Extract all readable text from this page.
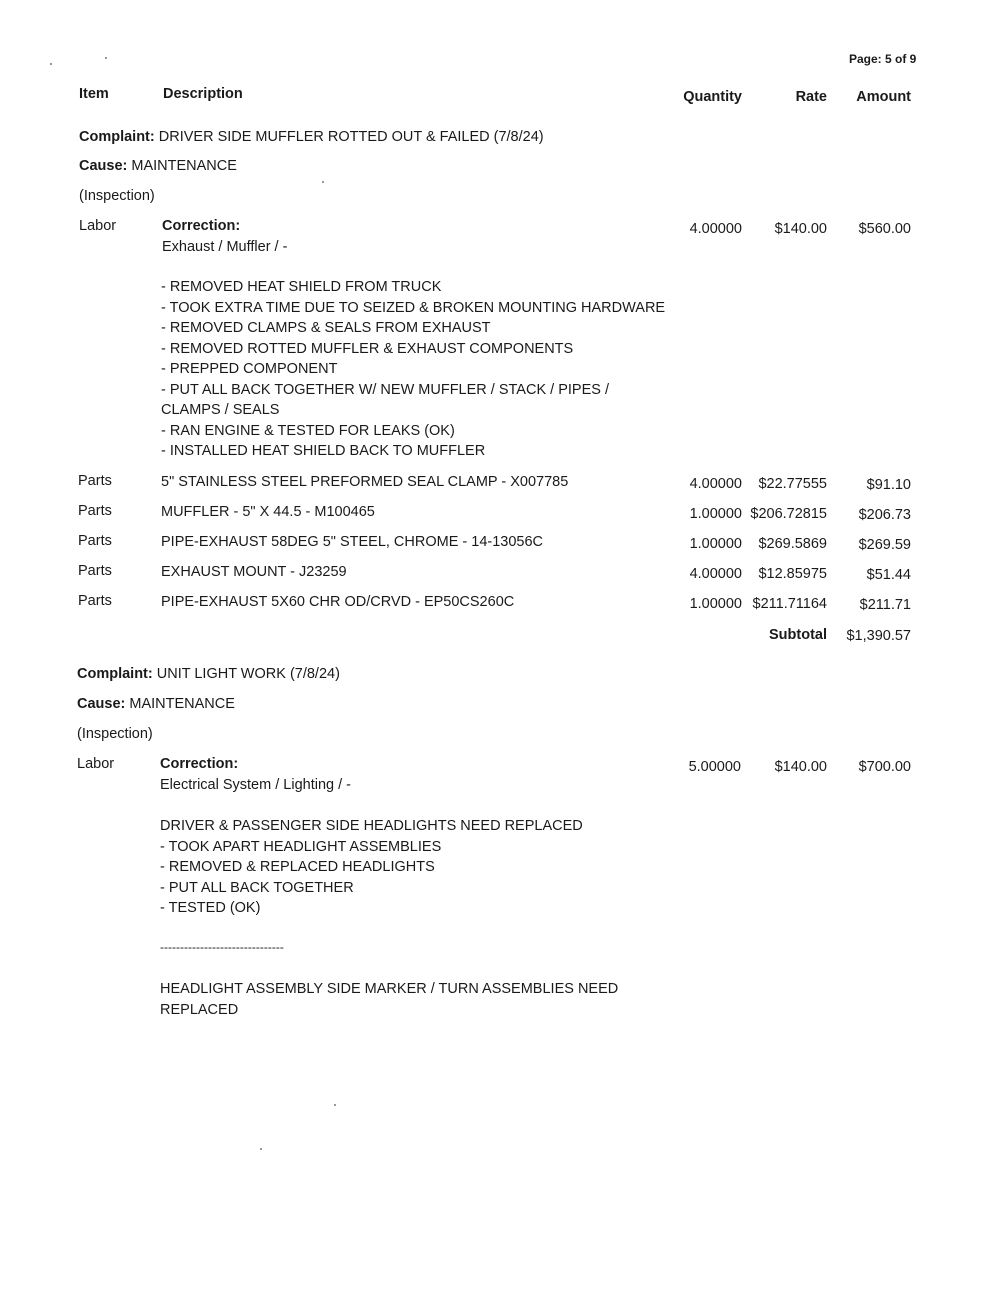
Page: 5 of 9
Item	Description	Quantity	Rate	Amount
Complaint: DRIVER SIDE MUFFLER ROTTED OUT & FAILED (7/8/24)
Cause: MAINTENANCE
(Inspection)
Labor	Correction:
Exhaust / Muffler / -
4.00000	$140.00	$560.00
- REMOVED HEAT SHIELD FROM TRUCK
- TOOK EXTRA TIME DUE TO SEIZED & BROKEN MOUNTING HARDWARE
- REMOVED CLAMPS & SEALS FROM EXHAUST
- REMOVED ROTTED MUFFLER & EXHAUST COMPONENTS
- PREPPED COMPONENT
- PUT ALL BACK TOGETHER W/ NEW MUFFLER / STACK / PIPES /
CLAMPS / SEALS
- RAN ENGINE & TESTED FOR LEAKS (OK)
- INSTALLED HEAT SHIELD BACK TO MUFFLER
Parts	5" STAINLESS STEEL PREFORMED SEAL CLAMP - X007785	4.00000	$22.77555	$91.10
Parts	MUFFLER - 5" X 44.5 - M100465	1.00000 $206.72815	$206.73
Parts	PIPE-EXHAUST 58DEG 5" STEEL, CHROME - 14-13056C	1.00000	$269.5869	$269.59
Parts	EXHAUST MOUNT - J23259	4.00000	$12.85975	$51.44
Parts	PIPE-EXHAUST 5X60 CHR OD/CRVD - EP50CS260C	1.00000 $211.71164	$211.71
Subtotal	$1,390.57
Complaint: UNIT LIGHT WORK (7/8/24)
Cause: MAINTENANCE
(Inspection)
Labor	Correction:
Electrical System / Lighting / -
5.00000	$140.00	$700.00
DRIVER & PASSENGER SIDE HEADLIGHTS NEED REPLACED
- TOOK APART HEADLIGHT ASSEMBLIES
- REMOVED & REPLACED HEADLIGHTS
- PUT ALL BACK TOGETHER
- TESTED (OK)
-------------------------------
HEADLIGHT ASSEMBLY SIDE MARKER / TURN ASSEMBLIES NEED
REPLACED
